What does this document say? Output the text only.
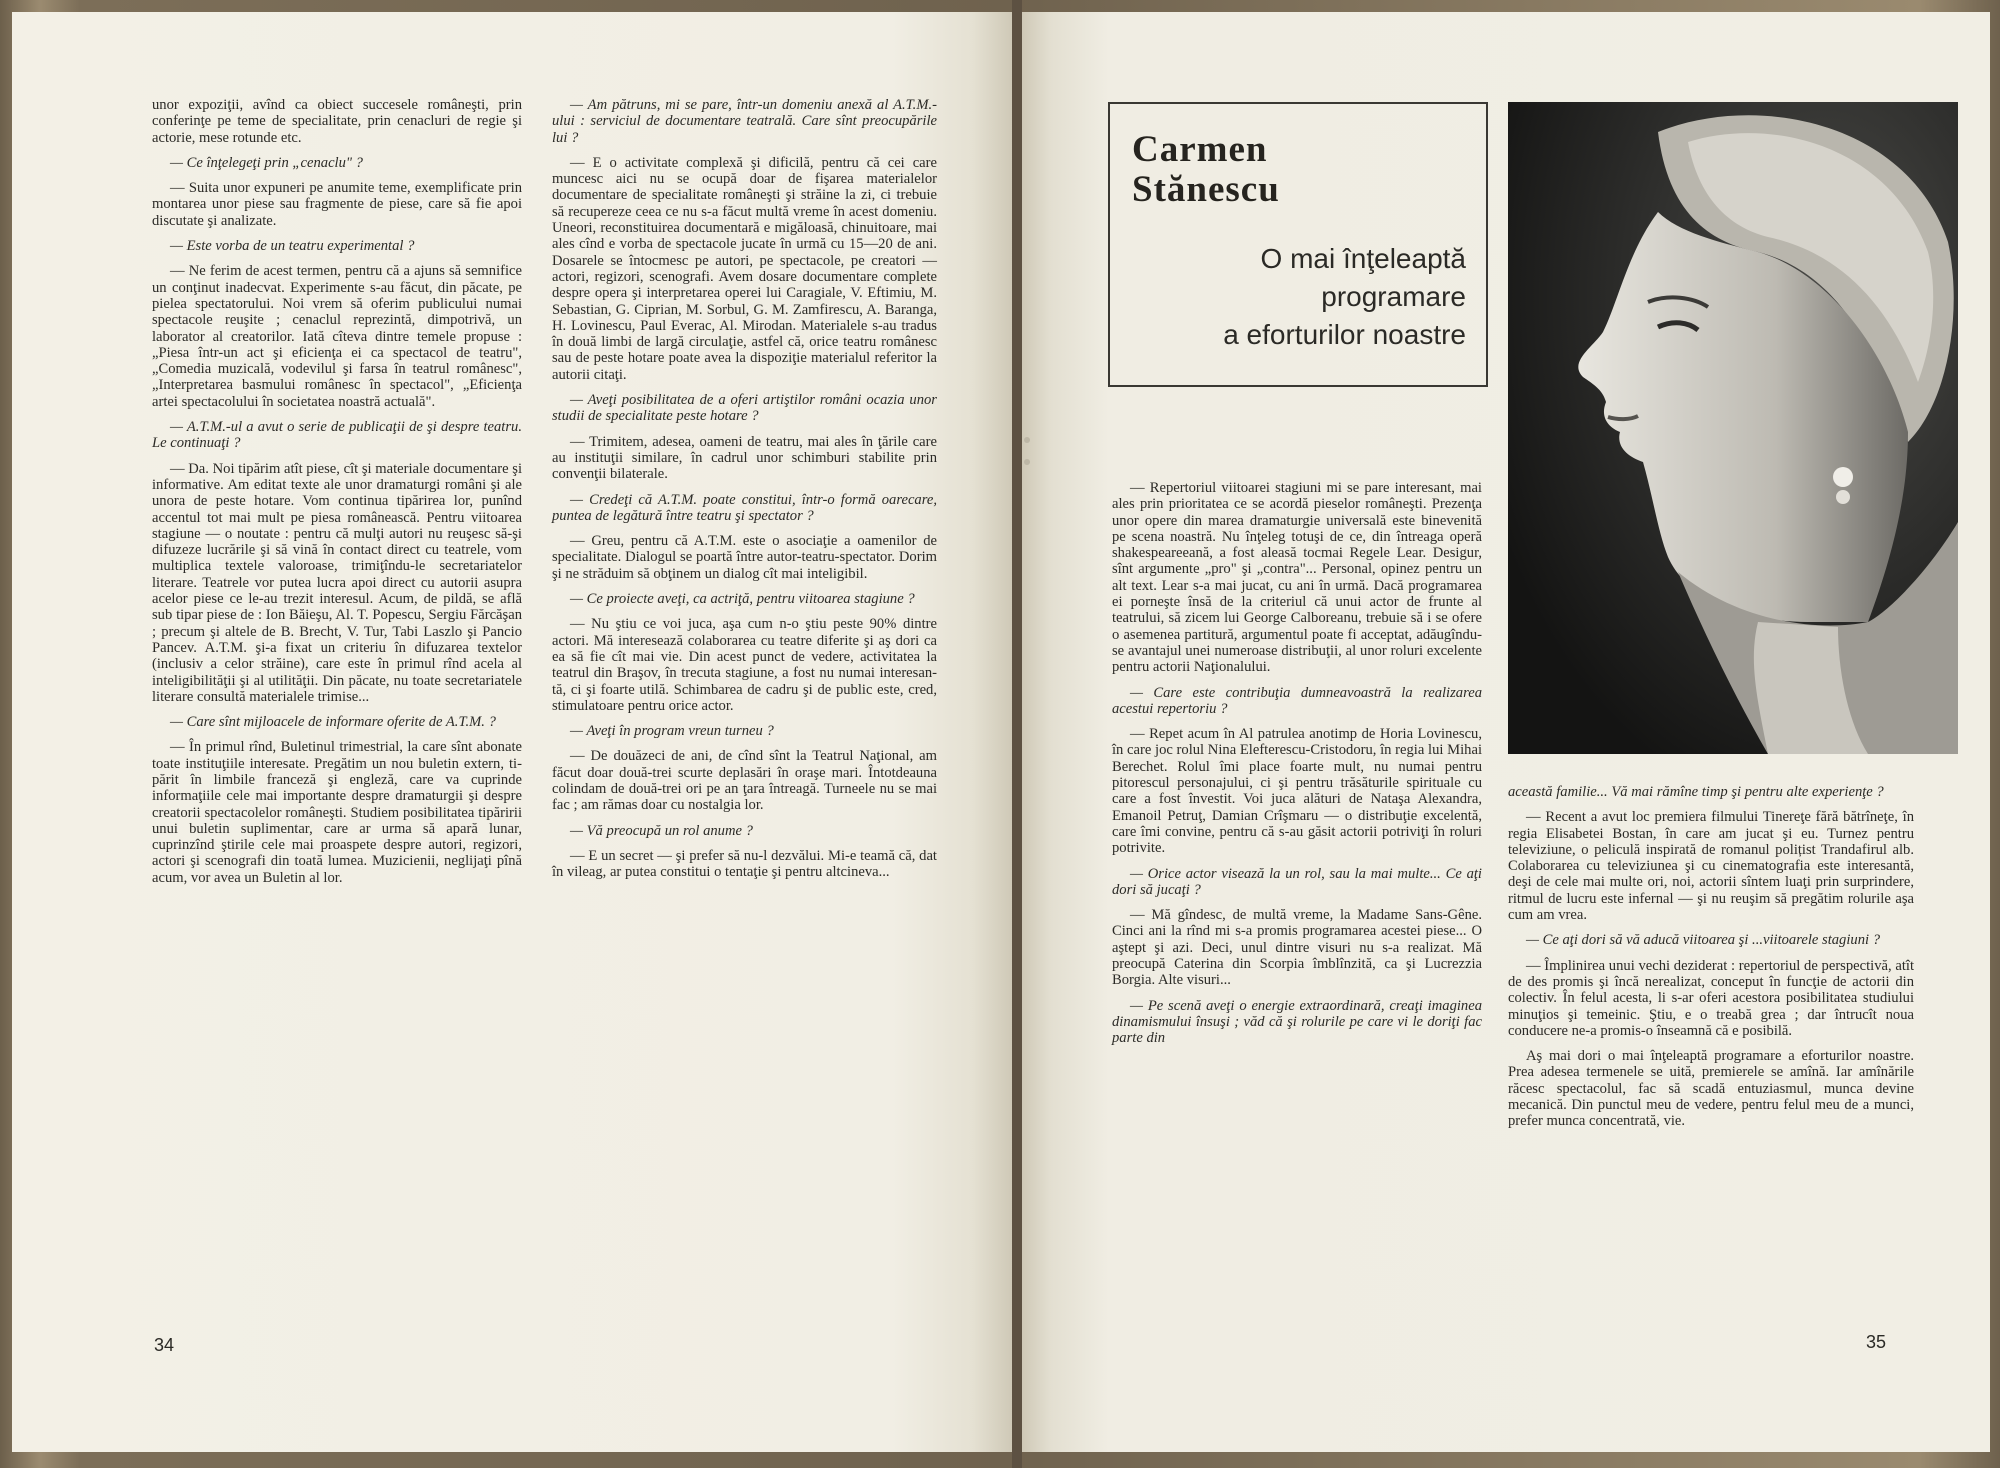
unor expoziţii, avînd ca obiect succesele româneşti, prin conferinţe pe teme de specialitate, prin cenacluri de regie şi actorie, mese rotunde etc.

— Ce înţelegeţi prin „cenaclu" ?

— Suita unor expuneri pe anumite teme, exemplificate prin montarea unor piese sau fragmente de piese, care să fie apoi discutate şi analizate.

— Este vorba de un teatru experimental ?

— Ne ferim de acest termen, pentru că a ajuns să semnifice un conţinut inadecvat. Experimente s-au făcut, din păcate, pe pielea spectatorului. Noi vrem să oferim publicului numai spectacole reuşite ; cenaclul reprezintă, dimpotrivă, un laborator al creatorilor. Iată cîteva dintre temele propuse : „Piesa într-un act şi eficienţa ei ca spectacol de teatru", „Comedia muzicală, vodevilul şi farsa în teatrul românesc", „Interpretarea basmului românesc în spectacol", „Eficienţa artei spectacolului în societatea noastră actuală".

— A.T.M.-ul a avut o serie de publicaţii de şi despre teatru. Le continuaţi ?

— Da. Noi tipărim atît piese, cît şi materiale documentare şi informative. Am editat texte ale unor dramaturgi români şi ale unora de peste hotare. Vom continua tipărirea lor, punînd accentul tot mai mult pe piesa românească. Pentru viitoarea stagiune — o noutate : pentru că mulţi autori nu reuşesc să-şi difuzeze lucrările şi să vină în contact direct cu teatrele, vom multiplica textele valoroase, trimiţîndu-le secretariatelor literare. Teatrele vor putea lucra apoi direct cu autorii asupra acelor piese ce le-au trezit interesul. Acum, de pildă, se află sub tipar piese de : Ion Băieşu, Al. T. Popescu, Sergiu Fărcăşan ; precum şi altele de B. Brecht, V. Tur, Tabi Laszlo şi Pancio Pancev. A.T.M. şi-a fixat un criteriu în difuzarea textelor (inclusiv a celor străine), care este în primul rînd acela al inteligibilităţii şi al utilităţii. Din păcate, nu toate secretariatele literare consultă materialele trimise...

— Care sînt mijloacele de informare oferite de A.T.M. ?

— În primul rînd, Buletinul trimestrial, la care sînt abonate toate instituţiile interesate. Pregătim un nou buletin extern, tipărit în limbile franceză şi engleză, care va cuprinde informaţiile cele mai importante despre dramaturgii şi despre creatorii spectacolelor româneşti. Studiem posibilitatea tipăririi unui buletin suplimentar, care ar urma să apară lunar, cuprinzînd ştirile cele mai proaspete despre autori, regizori, actori şi scenografi din toată lumea. Muzicienii, neglijaţi pînă acum, vor avea un Buletin al lor.

— Am pătruns, mi se pare, într-un domeniu anexă al A.T.M.-ului : serviciul de documentare teatrală. Care sînt preocupările lui ?

— E o activitate complexă şi dificilă, pentru că cei care muncesc aici nu se ocupă doar de fişarea materialelor documentare de specialitate româneşti şi străine la zi, ci trebuie să recupereze ceea ce nu s-a făcut multă vreme în acest domeniu. Uneori, reconstituirea documentară e migăloasă, chinuitoare, mai ales cînd e vorba de spectacole jucate în urmă cu 15—20 de ani. Dosarele se întocmesc pe autori, pe spectacole, pe creatori — actori, regizori, scenografi. Avem dosare documentare complete despre opera şi interpretarea operei lui Caragiale, V. Eftimiu, M. Sebastian, G. Ciprian, M. Sorbul, G. M. Zamfirescu, A. Baranga, H. Lovinescu, Paul Everac, Al. Mirodan. Materialele s-au tradus în două limbi de largă circulaţie, astfel că, orice teatru românesc sau de peste hotare poate avea la dispoziţie materialul referitor la autorii citaţi.

— Aveţi posibilitatea de a oferi artiştilor români ocazia unor studii de specialitate peste hotare ?

— Trimitem, adesea, oameni de teatru, mai ales în ţările care au instituţii similare, în cadrul unor schimburi stabilite prin convenţii bilaterale.

— Credeţi că A.T.M. poate constitui, într-o formă oarecare, puntea de legătură între teatru şi spectator ?

— Greu, pentru că A.T.M. este o asociaţie a oamenilor de specialitate. Dialogul se poartă între autor-teatru-spectator. Dorim şi ne străduim să obţinem un dialog cît mai inteligibil.

— Ce proiecte aveţi, ca actriţă, pentru viitoarea stagiune ?

— Nu ştiu ce voi juca, aşa cum n-o ştiu peste 90% dintre actori. Mă interesează colaborarea cu teatre diferite şi aş dori ca ea să fie cît mai vie. Din acest punct de vedere, activitatea la teatrul din Braşov, în trecuta stagiune, a fost nu numai interesantă, ci şi foarte utilă. Schimbarea de cadru şi de public este, cred, stimulatoare pentru orice actor.

— Aveţi în program vreun turneu ?

— De douăzeci de ani, de cînd sînt la Teatrul Naţional, am făcut doar două-trei scurte deplasări în oraşe mari. Întotdeauna colindam de două-trei ori pe an ţara întreagă. Turneele nu se mai fac ; am rămas doar cu nostalgia lor.

— Vă preocupă un rol anume ?

— E un secret — şi prefer să nu-l dezvălui. Mi-e teamă că, dat în vileag, ar putea constitui o tentaţie şi pentru altcineva...

34
Carmen
Stănescu
O mai înţeleaptă
programare
a eforturilor noastre

— Repertoriul viitoarei stagiuni mi se pare interesant, mai ales prin prioritatea ce se acordă pieselor româneşti. Prezenţa unor opere din marea dramaturgie universală este binevenită pe scena noastră. Nu înţeleg totuşi de ce, din întreaga operă shakespeareeană, a fost aleasă tocmai Regele Lear. Desigur, sînt argumente „pro" şi „contra"... Personal, opinez pentru un alt text. Lear s-a mai jucat, cu ani în urmă. Dacă programarea ei porneşte însă de la criteriul că unui actor de frunte al teatrului, să zicem lui George Calboreanu, trebuie să i se ofere o asemenea partitură, argumentul poate fi acceptat, adăugîndu-se avantajul unei numeroase distribuţii, al unor roluri excelente pentru actorii Naţionalului.

— Care este contribuţia dumneavoastră la realizarea acestui repertoriu ?

— Repet acum în Al patrulea anotimp de Horia Lovinescu, în care joc rolul Nina Elefterescu-Cristodoru, în regia lui Mihai Berechet. Rolul îmi place foarte mult, nu numai pentru pitorescul personajului, ci şi pentru trăsăturile spirituale cu care a fost învestit. Voi juca alături de Nataşa Alexandra, Emanoil Petruţ, Damian Crîşmaru — o distribuţie excelentă, care îmi convine, pentru că s-au găsit actorii potriviţi în roluri potrivite.

— Orice actor visează la un rol, sau la mai multe... Ce aţi dori să jucaţi ?

— Mă gîndesc, de multă vreme, la Madame Sans-Gêne. Cinci ani la rînd mi s-a promis programarea acestei piese... O aştept şi azi. Deci, unul dintre visuri nu s-a realizat. Mă preocupă Caterina din Scorpia îmblînzită, ca şi Lucrezzia Borgia. Alte visuri...

— Pe scenă aveţi o energie extraordinară, creaţi imaginea dinamismului însuşi ; văd că şi rolurile pe care vi le doriţi fac parte din

această familie... Vă mai rămîne timp şi pentru alte experienţe ?

— Recent a avut loc premiera filmului Tinereţe fără bătrîneţe, în regia Elisabetei Bostan, în care am jucat şi eu. Turnez pentru televiziune, o peliculă inspirată de romanul polițist Trandafirul alb. Colaborarea cu televiziunea şi cu cinematografia este interesantă, deşi de cele mai multe ori, noi, actorii sîntem luaţi prin surprindere, ritmul de lucru este infernal — şi nu reuşim să pregătim rolurile aşa cum am vrea.

— Ce aţi dori să vă aducă viitoarea şi ...viitoarele stagiuni ?

— Împlinirea unui vechi deziderat : repertoriul de perspectivă, atît de des promis şi încă nerealizat, conceput în funcţie de actorii din colectiv. În felul acesta, li s-ar oferi acestora posibilitatea studiului minuţios şi temeinic. Ştiu, e o treabă grea ; dar întrucît noua conducere ne-a promis-o înseamnă că e posibilă.

Aş mai dori o mai înţeleaptă programare a eforturilor noastre. Prea adesea termenele se uită, premierele se amînă. Iar amînările răcesc spectacolul, fac să scadă entuziasmul, munca devine mecanică. Din punctul meu de vedere, pentru felul meu de a munci, prefer munca concentrată, vie.

35
